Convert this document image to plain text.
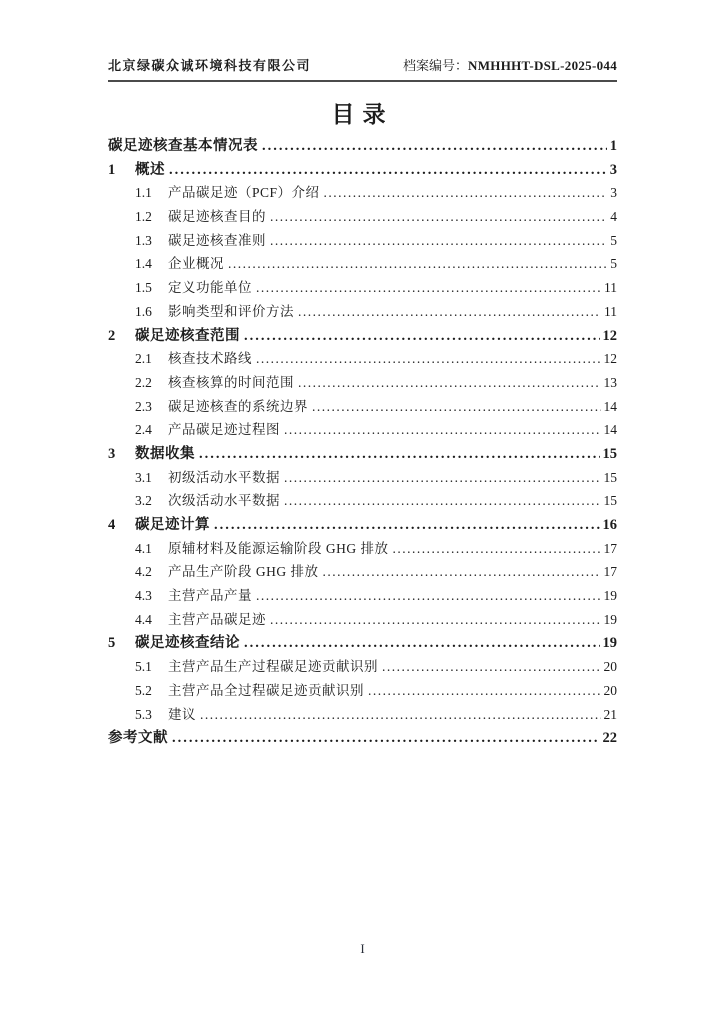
北京绿碳众诚环境科技有限公司	档案编号：NMHHHT-DSL-2025-044
目录
碳足迹核查基本情况表 .....	1
1	概述 .....	3
1.1	产品碳足迹（PCF）介绍 .....	3
1.2	碳足迹核查目的 .....	4
1.3	碳足迹核查准则 .....	5
1.4	企业概况 .....	5
1.5	定义功能单位 .....	11
1.6	影响类型和评价方法 .....	11
2	碳足迹核查范围 .....	12
2.1	核查技术路线 .....	12
2.2	核查核算的时间范围 .....	13
2.3	碳足迹核查的系统边界 .....	14
2.4	产品碳足迹过程图 .....	14
3	数据收集 .....	15
3.1	初级活动水平数据 .....	15
3.2	次级活动水平数据 .....	15
4	碳足迹计算 .....	16
4.1	原辅材料及能源运输阶段 GHG 排放 .....	17
4.2	产品生产阶段 GHG 排放 .....	17
4.3	主营产品产量 .....	19
4.4	主营产品碳足迹 .....	19
5	碳足迹核查结论 .....	19
5.1	主营产品生产过程碳足迹贡献识别 .....	20
5.2	主营产品全过程碳足迹贡献识别 .....	20
5.3	建议 .....	21
参考文献 .....	22
I
